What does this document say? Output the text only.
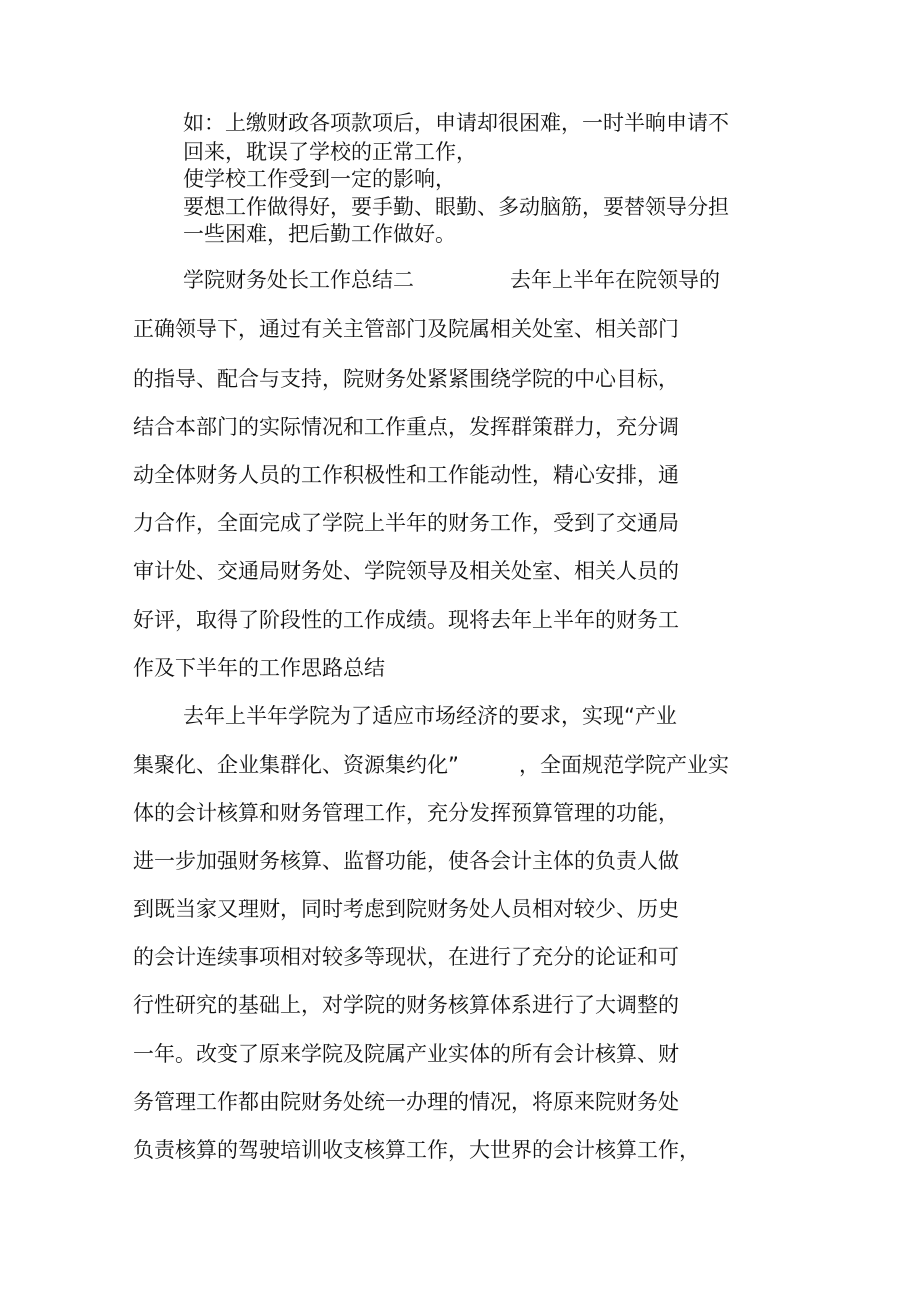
如：上缴财政各项款项后，申请却很困难，一时半晌申请不
回来，耽误了学校的正常工作，
使学校工作受到一定的影响，
要想工作做得好，要手勤、眼勤、多动脑筋，要替领导分担
一些困难，把后勤工作做好。
学院财务处长工作总结二	去年上半年在院领导的
正确领导下，通过有关主管部门及院属相关处室、相关部门
的指导、配合与支持，院财务处紧紧围绕学院的中心目标，
结合本部门的实际情况和工作重点，发挥群策群力，充分调
动全体财务人员的工作积极性和工作能动性，精心安排，通
力合作，全面完成了学院上半年的财务工作，受到了交通局
审计处、交通局财务处、学院领导及相关处室、相关人员的
好评，取得了阶段性的工作成绩。现将去年上半年的财务工
作及下半年的工作思路总结
去年上半年学院为了适应市场经济的要求，实现“产业
集聚化、企业集群化、资源集约化”	，全面规范学院产业实
体的会计核算和财务管理工作，充分发挥预算管理的功能，
进一步加强财务核算、监督功能，使各会计主体的负责人做
到既当家又理财，同时考虑到院财务处人员相对较少、历史
的会计连续事项相对较多等现状，在进行了充分的论证和可
行性研究的基础上，对学院的财务核算体系进行了大调整的
一年。改变了原来学院及院属产业实体的所有会计核算、财
务管理工作都由院财务处统一办理的情况，将原来院财务处
负责核算的驾驶培训收支核算工作，大世界的会计核算工作，
